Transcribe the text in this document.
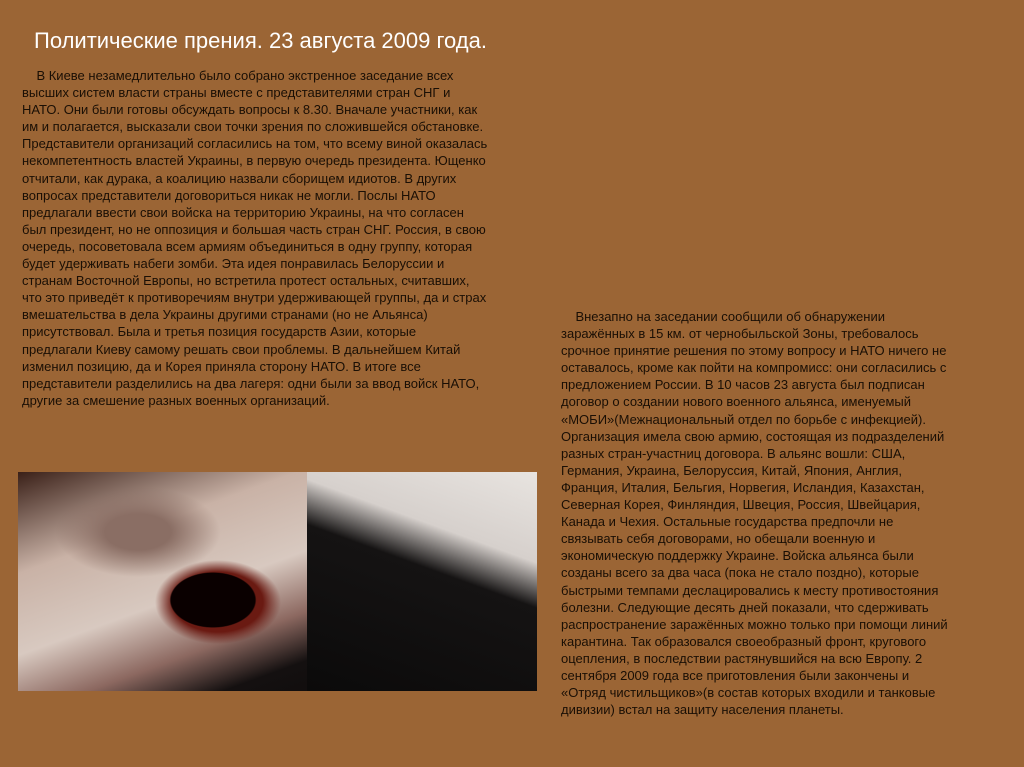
Политические прения. 23 августа 2009 года.
В Киеве незамедлительно было собрано экстренное заседание всех
высших систем власти страны вместе с представителями стран СНГ и
НАТО. Они были готовы обсуждать вопросы к 8.30. Вначале участники, как
им и полагается, высказали свои точки зрения по сложившейся обстановке.
Представители организаций согласились на том, что всему виной оказалась
некомпетентность властей Украины, в первую очередь президента. Ющенко
отчитали, как дурака, а коалицию назвали сборищем идиотов. В других
вопросах представители договориться никак не могли. Послы НАТО
предлагали ввести свои войска на территорию Украины, на что согласен
был президент, но не оппозиция и большая часть стран СНГ. Россия, в свою
очередь, посоветовала всем армиям объединиться в одну группу, которая
будет удерживать набеги зомби. Эта идея понравилась Белоруссии и
странам Восточной Европы, но встретила протест остальных, считавших,
что это приведёт к противоречиям внутри удерживающей группы, да и страх
вмешательства в дела Украины другими странами (но не Альянса)
присутствовал. Была и третья позиция государств Азии, которые
предлагали Киеву самому решать свои проблемы. В дальнейшем Китай
изменил позицию, да и Корея приняла сторону НАТО. В итоге все
представители разделились на два лагеря: одни были за ввод войск НАТО,
другие за смешение разных военных организаций.
Внезапно на заседании сообщили об обнаружении
заражённых в 15 км. от чернобыльской Зоны, требовалось
срочное принятие решения по этому вопросу и НАТО ничего не
оставалось, кроме как пойти на компромисс: они согласились с
предложением России. В 10 часов 23 августа был подписан
договор о создании нового военного альянса, именуемый
«МОБИ»(Межнациональный отдел по борьбе с инфекцией).
Организация имела свою армию, состоящая из подразделений
разных стран-участниц договора. В альянс вошли: США,
Германия, Украина, Белоруссия, Китай, Япония, Англия,
Франция, Италия, Бельгия, Норвегия, Исландия, Казахстан,
Северная Корея, Финляндия, Швеция, Россия, Швейцария,
Канада и Чехия. Остальные государства предпочли не
связывать себя договорами, но обещали военную и
экономическую поддержку Украине. Войска альянса были
созданы всего за два часа (пока не стало поздно), которые
быстрыми темпами деслацировались к месту противостояния
болезни. Следующие десять дней показали, что сдерживать
распространение заражённых можно только при помощи линий
карантина. Так образовался своеобразный фронт, кругового
оцепления, в последствии растянувшийся на всю Европу. 2
сентября 2009 года все приготовления были закончены и
«Отряд чистильщиков»(в состав которых входили и танковые
дивизии) встал на защиту населения планеты.
